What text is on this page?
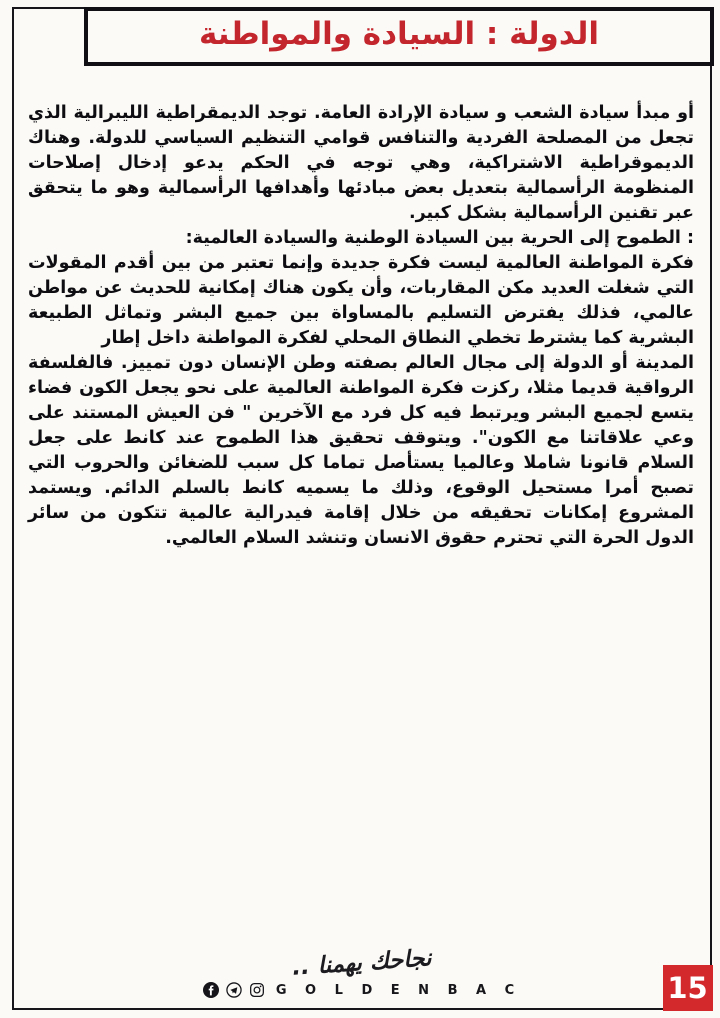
الدولة : السيادة والمواطنة

أو مبدأ سيادة الشعب و سيادة الإرادة العامة. توجد الديمقراطية الليبرالية الذي تجعل من المصلحة الفردية والتنافس قوامي التنظيم السياسي للدولة. وهناك الديموقراطية الاشتراكية، وهي توجه في الحكم يدعو إدخال إصلاحات المنظومة الرأسمالية بتعديل بعض مبادئها وأهدافها الرأسمالية وهو ما يتحقق عبر تقنين الرأسمالية بشكل كبير.

: الطموح إلى الحرية بين السيادة الوطنية والسيادة العالمية:

فكرة المواطنة العالمية ليست فكرة جديدة وإنما تعتبر من بين أقدم المقولات التي شغلت العديد مكن المقاربات، وأن يكون هناك إمكانية للحديث عن مواطن عالمي، فذلك يفترض التسليم بالمساواة بين جميع البشر وتماثل الطبيعة البشرية كما يشترط تخطي النطاق المحلي لفكرة المواطنة داخل إطار

المدينة أو الدولة إلى مجال العالم بصفته وطن الإنسان دون تمييز. فالفلسفة الرواقية قديما مثلا، ركزت فكرة المواطنة العالمية على نحو يجعل الكون فضاء يتسع لجميع البشر ويرتبط فيه كل فرد مع الآخرين " فن العيش المستند على وعي علاقاتنا مع الكون". ويتوقف تحقيق هذا الطموح عند كانط على جعل السلام قانونا شاملا وعالميا يستأصل تماما كل سبب للضغائن والحروب التي تصبح أمرا مستحيل الوقوع، وذلك ما يسميه كانط بالسلم الدائم. ويستمد المشروع إمكانات تحقيقه من خلال إقامة فيدرالية عالمية تتكون من سائر الدول الحرة التي تحترم حقوق الانسان وتنشد السلام العالمي.

نجاحك يهمنا ..
G O L D E N B A C	15
